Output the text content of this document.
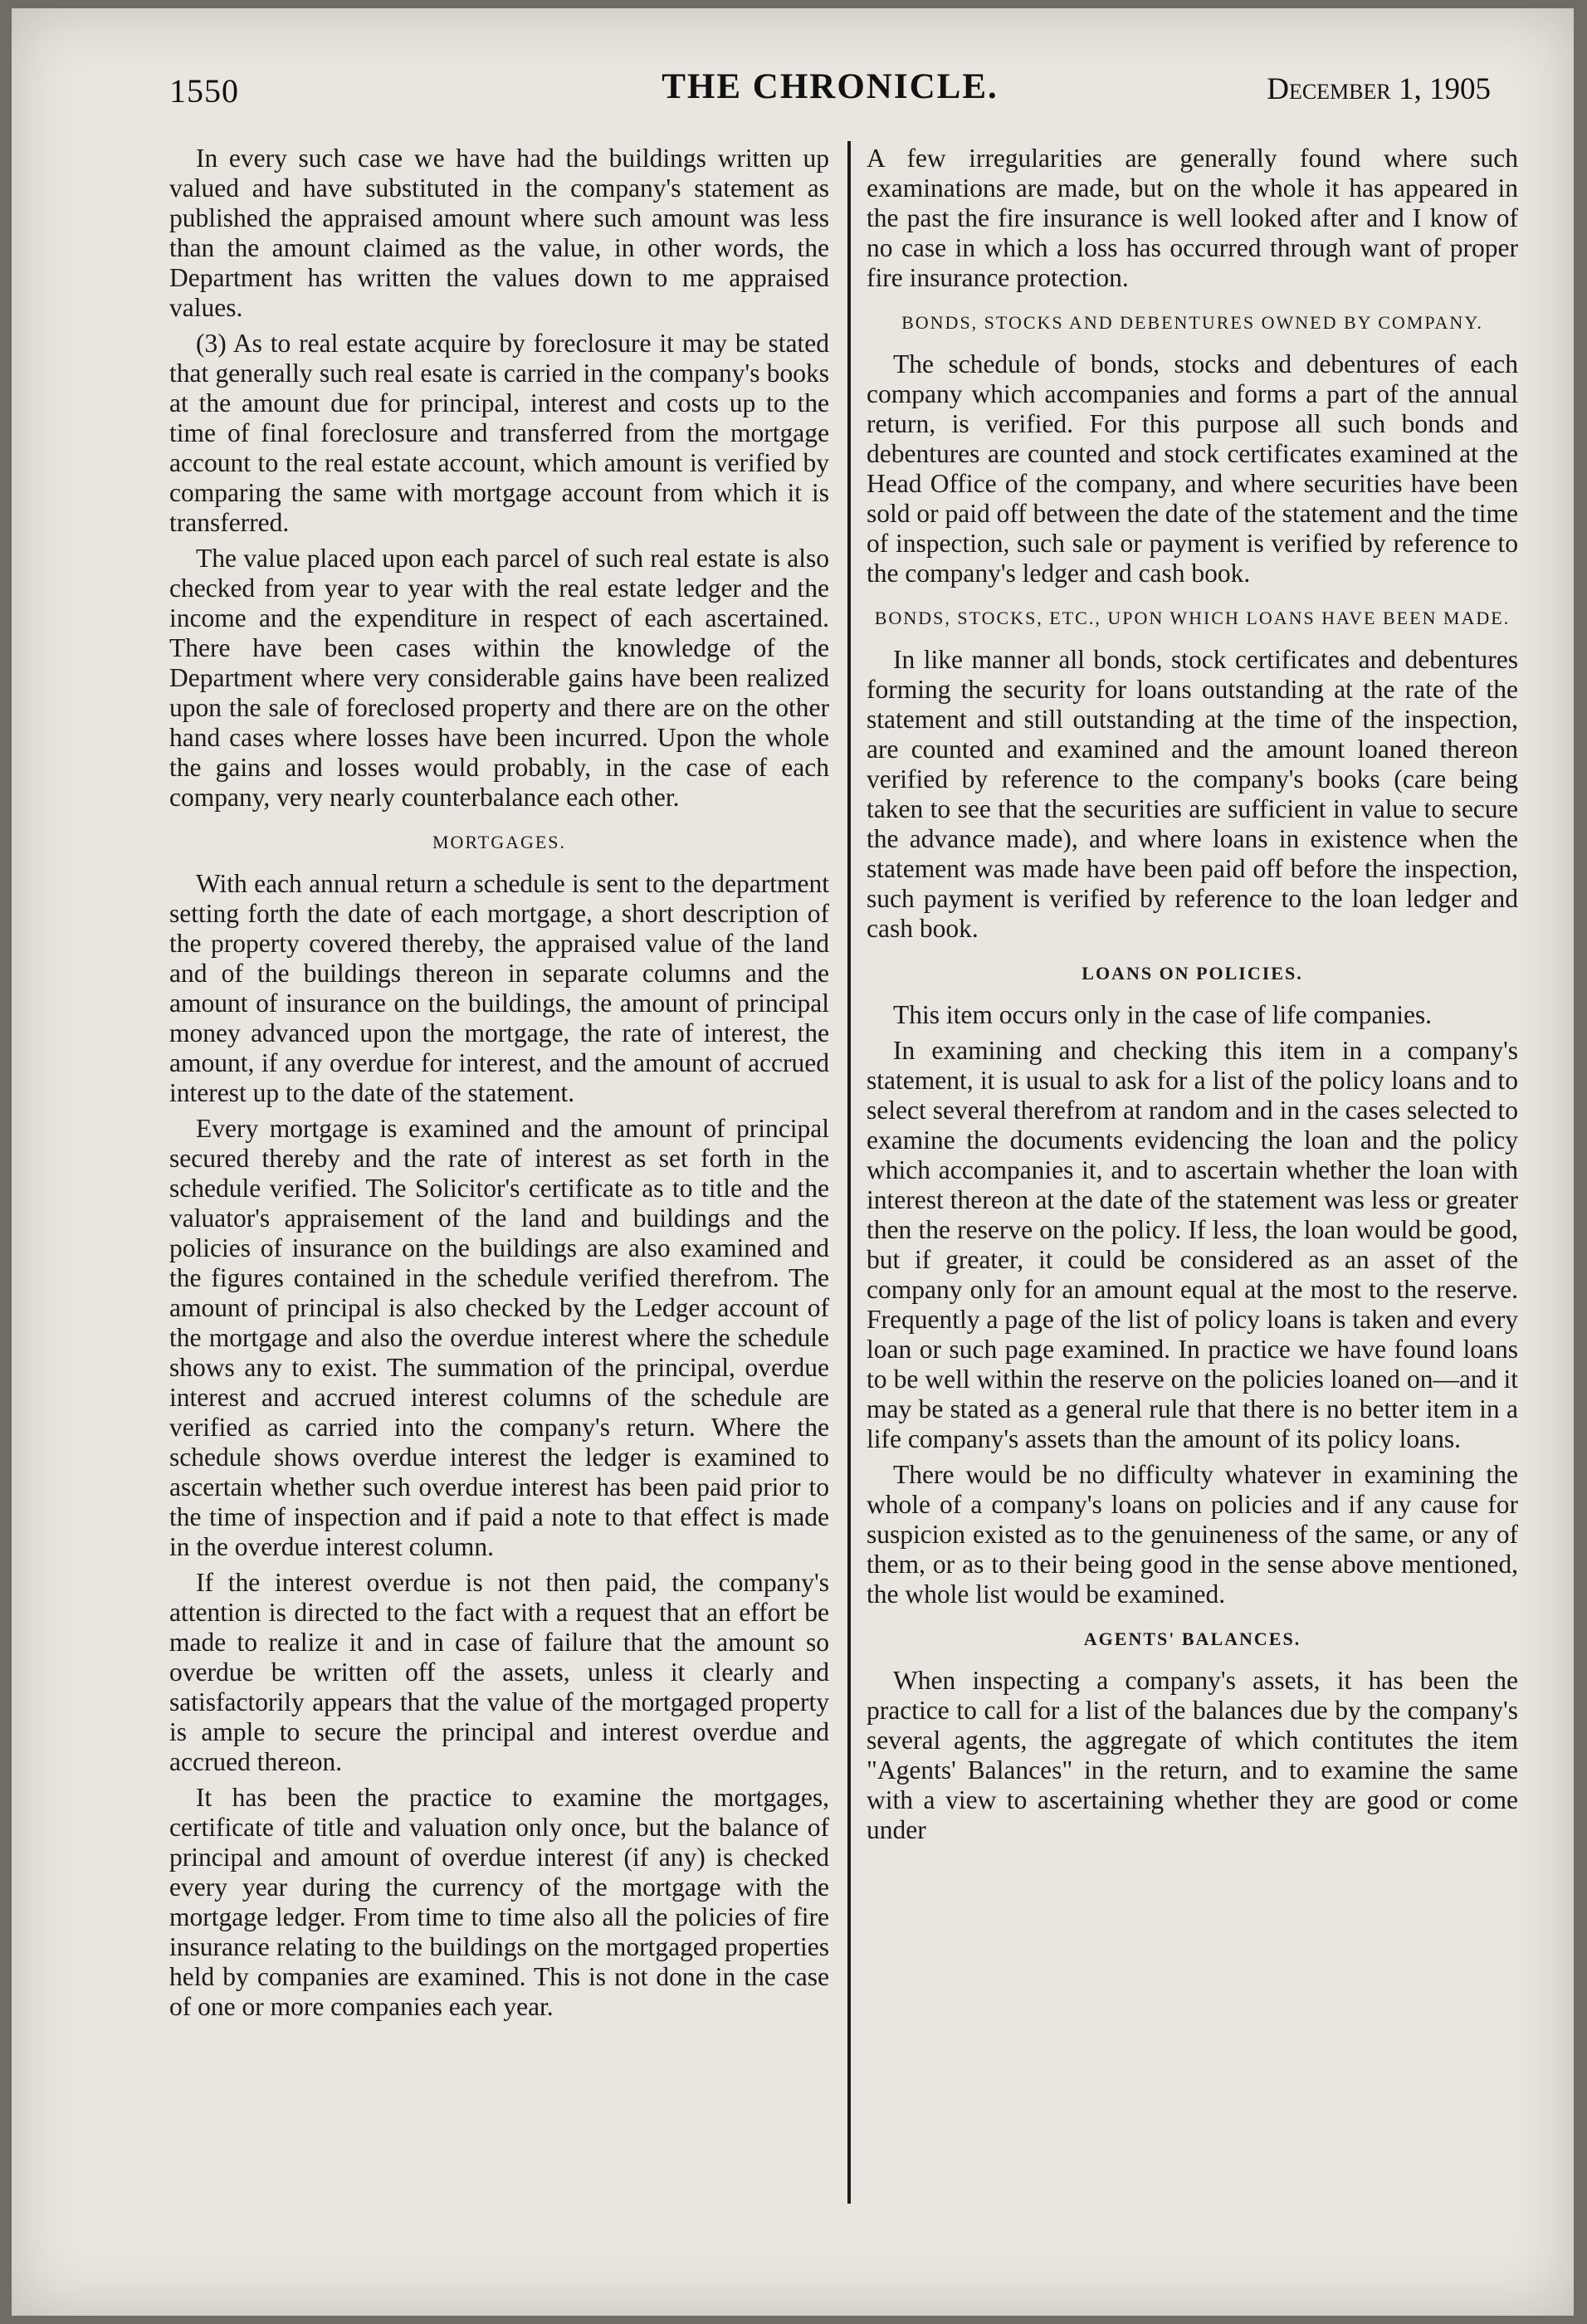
1550	THE CHRONICLE.	December 1, 1905

In every such case we have had the buildings written up valued and have substituted in the company's statement as published the appraised amount where such amount was less than the amount claimed as the value, in other words, the Department has written the values down to me appraised values.

(3) As to real estate acquire by foreclosure it may be stated that generally such real esate is carried in the company's books at the amount due for principal, interest and costs up to the time of final foreclosure and transferred from the mortgage account to the real estate account, which amount is verified by comparing the same with mortgage account from which it is transferred.

The value placed upon each parcel of such real estate is also checked from year to year with the real estate ledger and the income and the expenditure in respect of each ascertained. There have been cases within the knowledge of the Department where very considerable gains have been realized upon the sale of foreclosed property and there are on the other hand cases where losses have been incurred. Upon the whole the gains and losses would probably, in the case of each company, very nearly counterbalance each other.

MORTGAGES.

With each annual return a schedule is sent to the department setting forth the date of each mortgage, a short description of the property covered thereby, the appraised value of the land and of the buildings thereon in separate columns and the amount of insurance on the buildings, the amount of principal money advanced upon the mortgage, the rate of interest, the amount, if any overdue for interest, and the amount of accrued interest up to the date of the statement.

Every mortgage is examined and the amount of principal secured thereby and the rate of interest as set forth in the schedule verified. The Solicitor's certificate as to title and the valuator's appraisement of the land and buildings and the policies of insurance on the buildings are also examined and the figures contained in the schedule verified therefrom. The amount of principal is also checked by the Ledger account of the mortgage and also the overdue interest where the schedule shows any to exist. The summation of the principal, overdue interest and accrued interest columns of the schedule are verified as carried into the company's return. Where the schedule shows overdue interest the ledger is examined to ascertain whether such overdue interest has been paid prior to the time of inspection and if paid a note to that effect is made in the overdue interest column.

If the interest overdue is not then paid, the company's attention is directed to the fact with a request that an effort be made to realize it and in case of failure that the amount so overdue be written off the assets, unless it clearly and satisfactorily appears that the value of the mortgaged property is ample to secure the principal and interest overdue and accrued thereon.

It has been the practice to examine the mortgages, certificate of title and valuation only once, but the balance of principal and amount of overdue interest (if any) is checked every year during the currency of the mortgage with the mortgage ledger. From time to time also all the policies of fire insurance relating to the buildings on the mortgaged properties held by companies are examined. This is not done in the case of one or more companies each year.

A few irregularities are generally found where such examinations are made, but on the whole it has appeared in the past the fire insurance is well looked after and I know of no case in which a loss has occurred through want of proper fire insurance protection.

BONDS, STOCKS AND DEBENTURES OWNED BY COMPANY.

The schedule of bonds, stocks and debentures of each company which accompanies and forms a part of the annual return, is verified. For this purpose all such bonds and debentures are counted and stock certificates examined at the Head Office of the company, and where securities have been sold or paid off between the date of the statement and the time of inspection, such sale or payment is verified by reference to the company's ledger and cash book.

BONDS, STOCKS, ETC., UPON WHICH LOANS HAVE BEEN MADE.

In like manner all bonds, stock certificates and debentures forming the security for loans outstanding at the rate of the statement and still outstanding at the time of the inspection, are counted and examined and the amount loaned thereon verified by reference to the company's books (care being taken to see that the securities are sufficient in value to secure the advance made), and where loans in existence when the statement was made have been paid off before the inspection, such payment is verified by reference to the loan ledger and cash book.

LOANS ON POLICIES.

This item occurs only in the case of life companies.

In examining and checking this item in a company's statement, it is usual to ask for a list of the policy loans and to select several therefrom at random and in the cases selected to examine the documents evidencing the loan and the policy which accompanies it, and to ascertain whether the loan with interest thereon at the date of the statement was less or greater then the reserve on the policy. If less, the loan would be good, but if greater, it could be considered as an asset of the company only for an amount equal at the most to the reserve. Frequently a page of the list of policy loans is taken and every loan or such page examined. In practice we have found loans to be well within the reserve on the policies loaned on—and it may be stated as a general rule that there is no better item in a life company's assets than the amount of its policy loans.

There would be no difficulty whatever in examining the whole of a company's loans on policies and if any cause for suspicion existed as to the genuineness of the same, or any of them, or as to their being good in the sense above mentioned, the whole list would be examined.

AGENTS' BALANCES.

When inspecting a company's assets, it has been the practice to call for a list of the balances due by the company's several agents, the aggregate of which contitutes the item "Agents' Balances" in the return, and to examine the same with a view to ascertaining whether they are good or come under
